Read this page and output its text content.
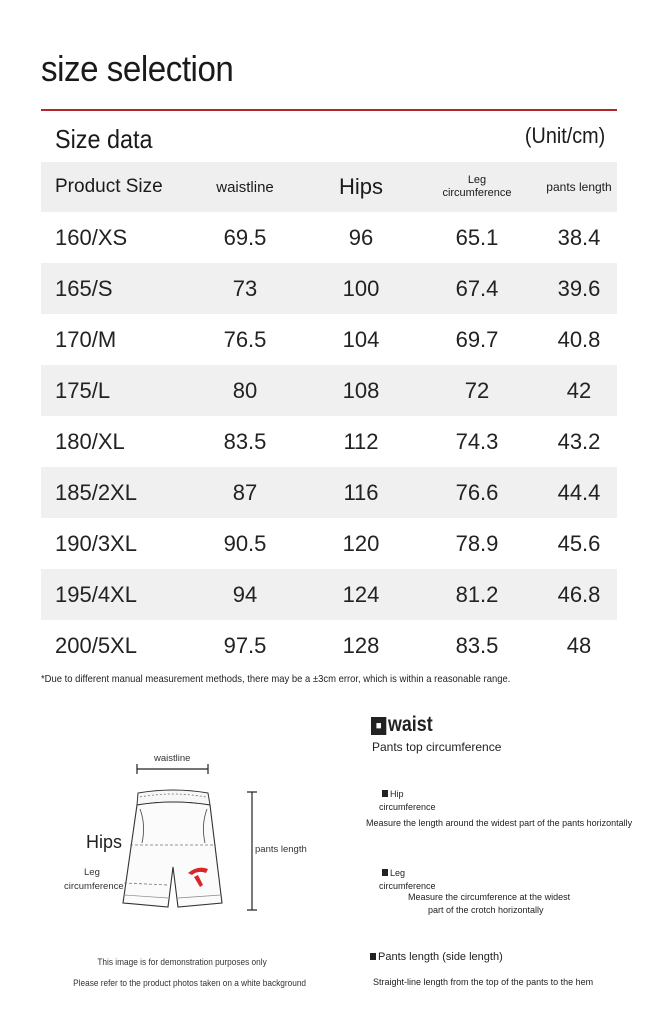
size selection
Size data	(Unit/cm)
Product Size	waistline	Hips	Leg circumference	pants length
160/XS	69.5	96	65.1	38.4
165/S	73	100	67.4	39.6
170/M	76.5	104	69.7	40.8
175/L	80	108	72	42
180/XL	83.5	112	74.3	43.2
185/2XL	87	116	76.6	44.4
190/3XL	90.5	120	78.9	45.6
195/4XL	94	124	81.2	46.8
200/5XL	97.5	128	83.5	48
*Due to different manual measurement methods, there may be a ±3cm error, which is within a reasonable range.
waistline
Hips
Leg
circumference
pants length
This image is for demonstration purposes only
Please refer to the product photos taken on a white background
■ waist
Pants top circumference
Hip
circumference
Measure the length around the widest part of the pants horizontally
Leg
circumference
Measure the circumference at the widest
part of the crotch horizontally
Pants length (side length)
Straight-line length from the top of the pants to the hem
